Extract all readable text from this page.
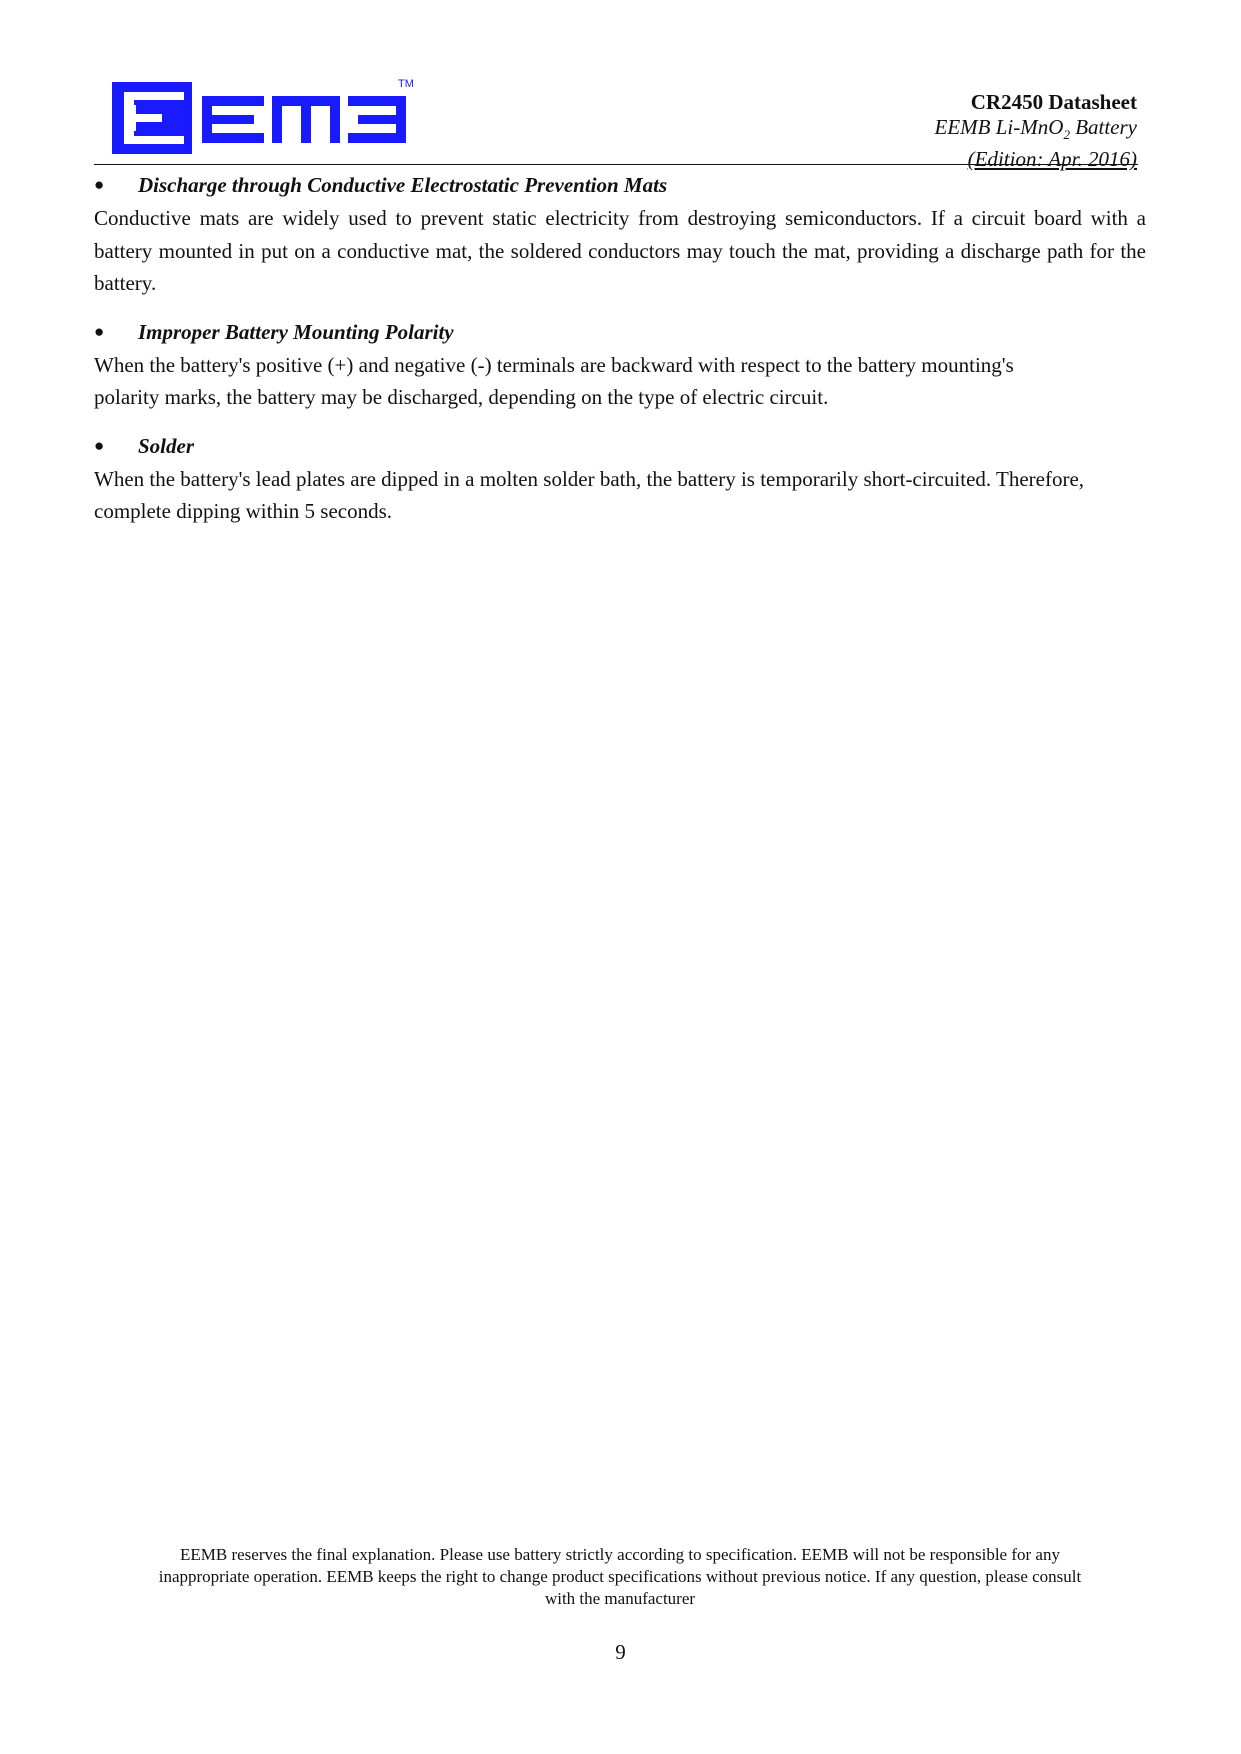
TM
CR2450 Datasheet
EEMB Li-MnO$_2$ Battery
(Edition: Apr. 2016)
● Discharge through Conductive Electrostatic Prevention Mats

Conductive mats are widely used to prevent static electricity from destroying semiconductors. If a circuit board with a battery mounted in put on a conductive mat, the soldered conductors may touch the mat, providing a discharge path for the battery.

● Improper Battery Mounting Polarity

When the battery's positive (+) and negative (-) terminals are backward with respect to the battery mounting's
polarity marks, the battery may be discharged, depending on the type of electric circuit.

● Solder

When the battery's lead plates are dipped in a molten solder bath, the battery is temporarily short-circuited. Therefore, complete dipping within 5 seconds.

EEMB reserves the final explanation. Please use battery strictly according to specification. EEMB will not be responsible for any
inappropriate operation. EEMB keeps the right to change product specifications without previous notice. If any question, please consult
with the manufacturer
9
